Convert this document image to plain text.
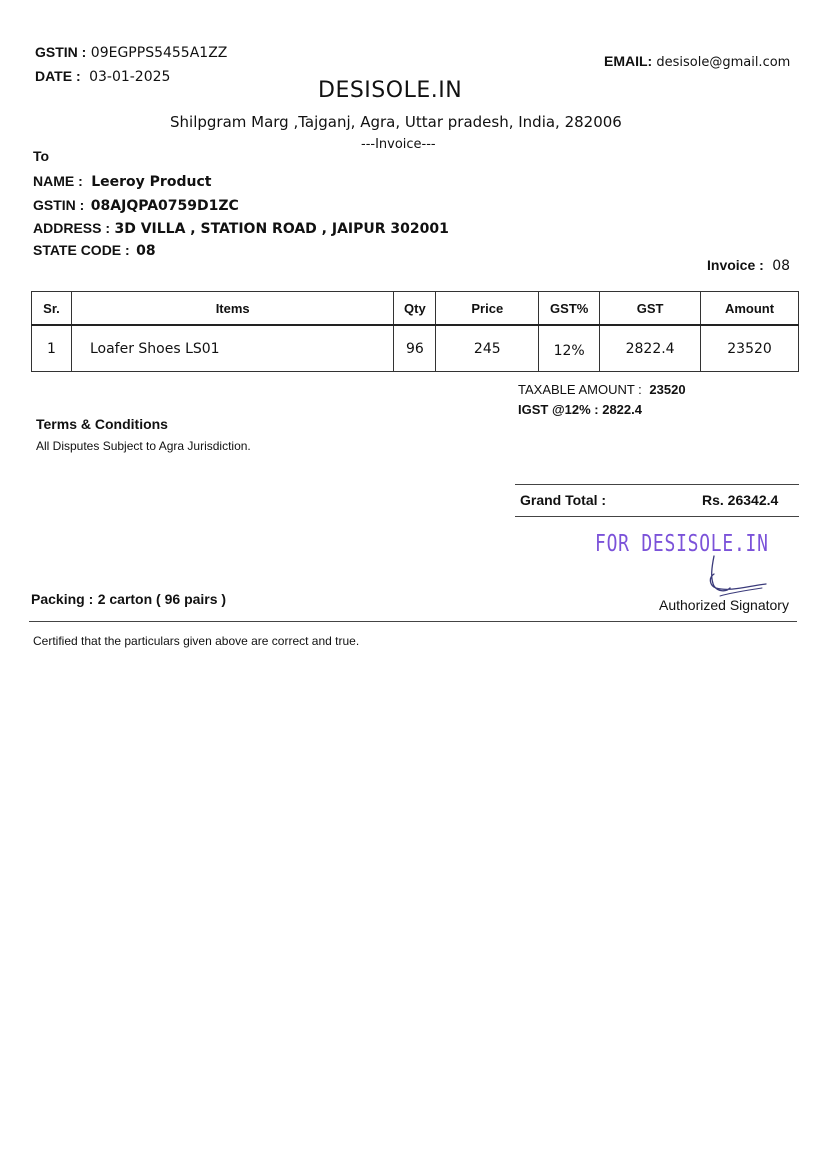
GSTIN : 09EGPPS5455A1ZZ
DATE : 03-01-2025
EMAIL: desisole@gmail.com
DESISOLE.IN
Shilpgram Marg ,Tajganj, Agra, Uttar pradesh, India, 282006
---Invoice---
To
NAME : Leeroy Product
GSTIN : 08AJQPA0759D1ZC
ADDRESS : 3D VILLA , STATION ROAD , JAIPUR 302001
STATE CODE : 08
Invoice : 08
Sr.	Items	Qty	Price	GST%	GST	Amount
1	Loafer Shoes LS01	96	245	12%	2822.4	23520
TAXABLE AMOUNT : 23520
IGST @12% : 2822.4
Terms & Conditions
All Disputes Subject to Agra Jurisdiction.
Grand Total :	Rs. 26342.4
FOR DESISOLE.IN
Authorized Signatory
Packing : 2 carton ( 96 pairs )
Certified that the particulars given above are correct and true.
